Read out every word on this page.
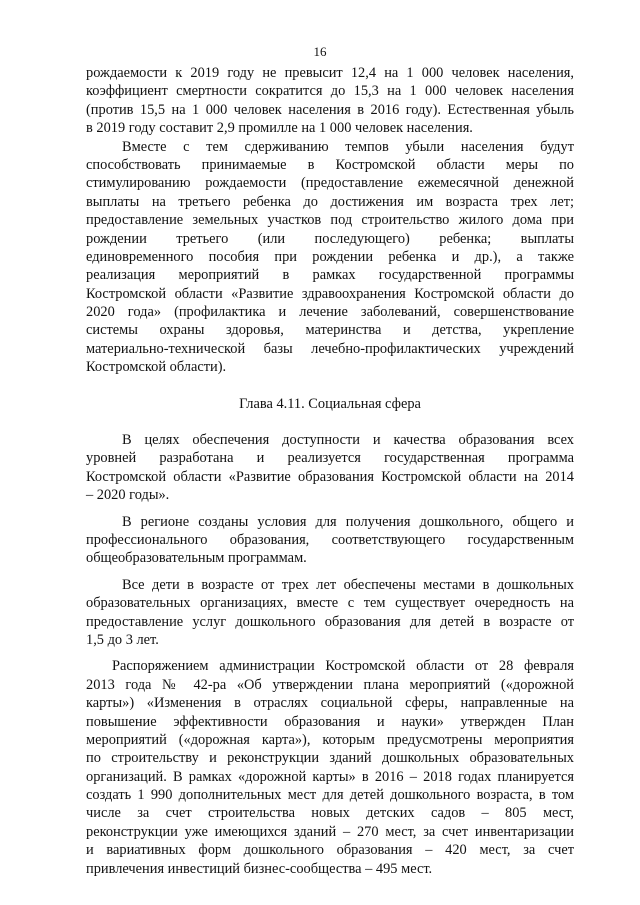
16
рождаемости к 2019 году не превысит 12,4 на 1 000 человек населения,
коэффициент смертности сократится до 15,3 на 1 000 человек населения
(против 15,5 на 1 000 человек населения в 2016 году). Естественная убыль
в 2019 году составит 2,9 промилле на 1 000 человек населения.
Вместе с тем сдерживанию темпов убыли населения будут
способствовать принимаемые в Костромской области меры по
стимулированию рождаемости (предоставление ежемесячной денежной
выплаты на третьего ребенка до достижения им возраста трех лет;
предоставление земельных участков под строительство жилого дома при
рождении третьего (или последующего) ребенка; выплаты
единовременного пособия при рождении ребенка и др.), а также
реализация мероприятий в рамках государственной программы
Костромской области «Развитие здравоохранения Костромской области до
2020 года» (профилактика и лечение заболеваний, совершенствование
системы охраны здоровья, материнства и детства, укрепление
материально-технической базы лечебно-профилактических учреждений
Костромской области).
Глава 4.11. Социальная сфера
В целях обеспечения доступности и качества образования всех
уровней разработана и реализуется государственная программа
Костромской области «Развитие образования Костромской области на 2014
– 2020 годы».
В регионе созданы условия для получения дошкольного, общего и
профессионального образования, соответствующего государственным
общеобразовательным программам.
Все дети в возрасте от трех лет обеспечены местами в дошкольных
образовательных организациях, вместе с тем существует очередность на
предоставление услуг дошкольного образования для детей в возрасте от
1,5 до 3 лет.
Распоряжением администрации Костромской области от 28 февраля
2013 года № 42-ра «Об утверждении плана мероприятий («дорожной
карты») «Изменения в отраслях социальной сферы, направленные на
повышение эффективности образования и науки» утвержден План
мероприятий («дорожная карта»), которым предусмотрены мероприятия
по строительству и реконструкции зданий дошкольных образовательных
организаций. В рамках «дорожной карты» в 2016 – 2018 годах планируется
создать 1 990 дополнительных мест для детей дошкольного возраста, в том
числе за счет строительства новых детских садов – 805 мест,
реконструкции уже имеющихся зданий – 270 мест, за счет инвентаризации
и вариативных форм дошкольного образования – 420 мест, за счет
привлечения инвестиций бизнес-сообщества – 495 мест.
